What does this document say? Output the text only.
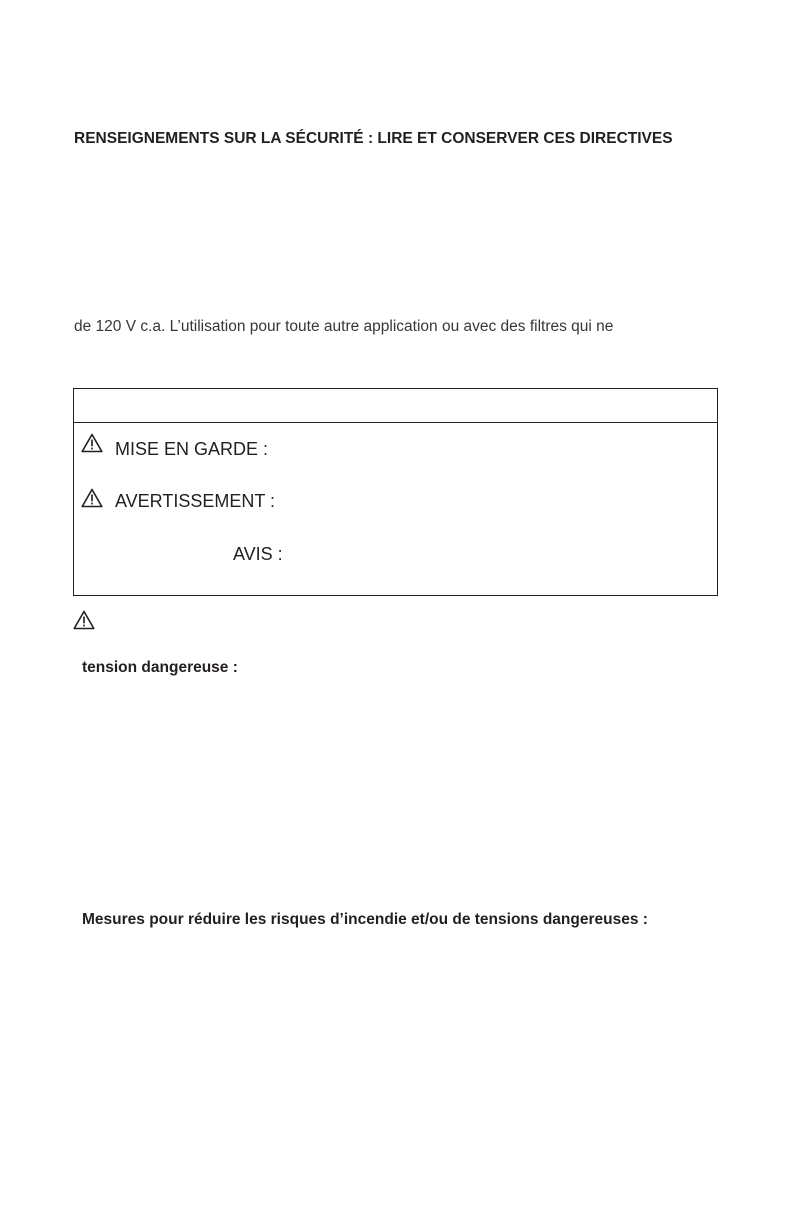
RENSEIGNEMENTS SUR LA SÉCURITÉ : LIRE ET CONSERVER CES DIRECTIVES
de 120 V c.a. L’utilisation pour toute autre application ou avec des filtres qui ne
MISE EN GARDE :
AVERTISSEMENT :
AVIS :
tension dangereuse :
Mesures pour réduire les risques d’incendie et/ou de tensions dangereuses :
